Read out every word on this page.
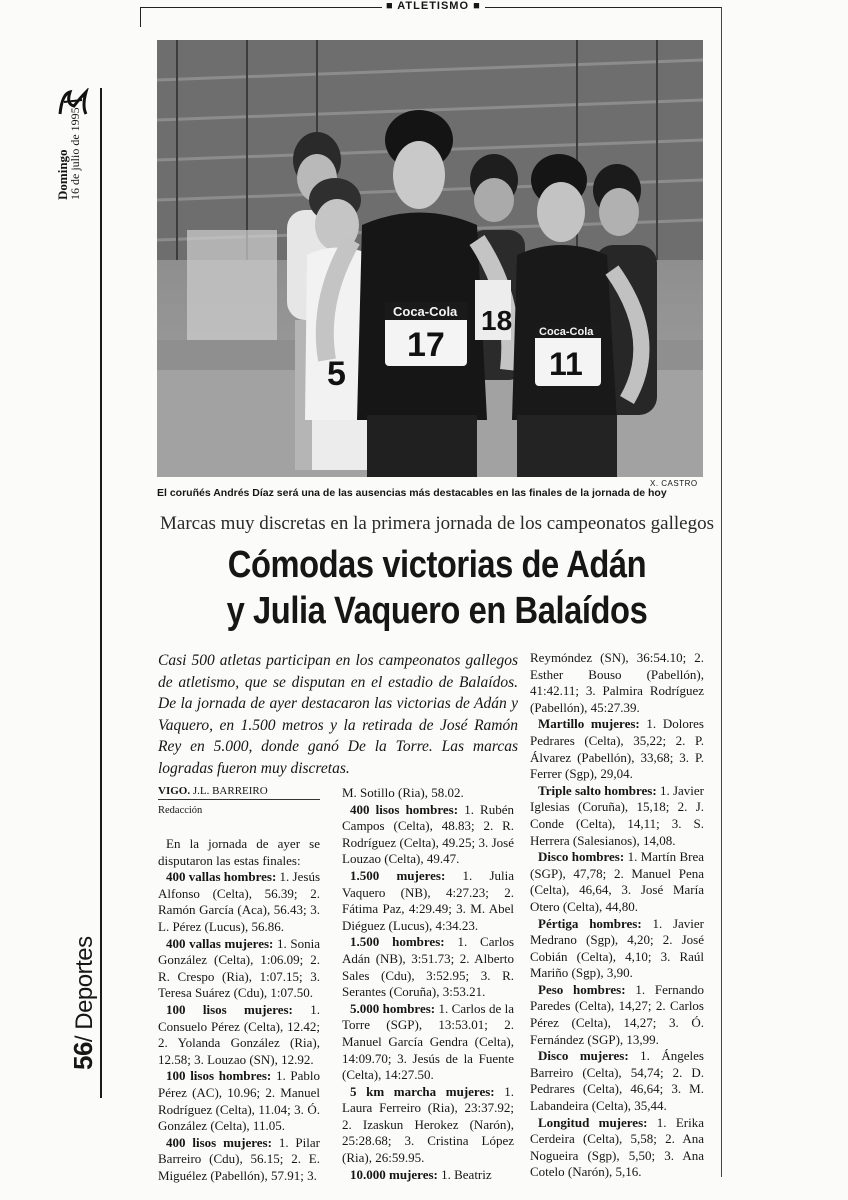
■ ATLETISMO ■
Domingo
16 de julio de 1995
56/ Deportes
5
Coca-Cola
17
18 Coca-Cola
11
X. CASTRO
El coruñés Andrés Díaz será una de las ausencias más destacables en las finales de la jornada de hoy
Marcas muy discretas en la primera jornada de los campeonatos gallegos
Cómodas victorias de Adán
y Julia Vaquero en Balaídos
Casi 500 atletas participan en los campeonatos gallegos de atletismo, que se disputan en el estadio de Balaídos. De la jornada de ayer destacaron las victorias de Adán y Vaquero, en 1.500 metros y la retirada de José Ramón Rey en 5.000, donde ganó De la Torre. Las marcas logradas fueron muy discretas.
VIGO. J.L. BARREIRO
Redacción

En la jornada de ayer se disputaron las estas finales:

400 vallas hombres: 1. Jesús Alfonso (Celta), 56.39; 2. Ramón García (Aca), 56.43; 3. L. Pérez (Lucus), 56.86.

400 vallas mujeres: 1. Sonia González (Celta), 1:06.09; 2. R. Crespo (Ria), 1:07.15; 3. Teresa Suárez (Cdu), 1:07.50.

100 lisos mujeres: 1. Consuelo Pérez (Celta), 12.42; 2. Yolanda González (Ria), 12.58; 3. Louzao (SN), 12.92.

100 lisos hombres: 1. Pablo Pérez (AC), 10.96; 2. Manuel Rodríguez (Celta), 11.04; 3. Ó. González (Celta), 11.05.

400 lisos mujeres: 1. Pilar Barreiro (Cdu), 56.15; 2. E. Miguélez (Pabellón), 57.91; 3.

M. Sotillo (Ria), 58.02.

400 lisos hombres: 1. Rubén Campos (Celta), 48.83; 2. R. Rodríguez (Celta), 49.25; 3. José Louzao (Celta), 49.47.

1.500 mujeres: 1. Julia Vaquero (NB), 4:27.23; 2. Fátima Paz, 4:29.49; 3. M. Abel Diéguez (Lucus), 4:34.23.

1.500 hombres: 1. Carlos Adán (NB), 3:51.73; 2. Alberto Sales (Cdu), 3:52.95; 3. R. Serantes (Coruña), 3:53.21.

5.000 hombres: 1. Carlos de la Torre (SGP), 13:53.01; 2. Manuel García Gendra (Celta), 14:09.70; 3. Jesús de la Fuente (Celta), 14:27.50.

5 km marcha mujeres: 1. Laura Ferreiro (Ria), 23:37.92; 2. Izaskun Herokez (Narón), 25:28.68; 3. Cristina López (Ria), 26:59.95.

10.000 mujeres: 1. Beatriz

Reymóndez (SN), 36:54.10; 2. Esther Bouso (Pabellón), 41:42.11; 3. Palmira Rodríguez (Pabellón), 45:27.39.

Martillo mujeres: 1. Dolores Pedrares (Celta), 35,22; 2. P. Álvarez (Pabellón), 33,68; 3. P. Ferrer (Sgp), 29,04.

Triple salto hombres: 1. Javier Iglesias (Coruña), 15,18; 2. J. Conde (Celta), 14,11; 3. S. Herrera (Salesianos), 14,08.

Disco hombres: 1. Martín Brea (SGP), 47,78; 2. Manuel Pena (Celta), 46,64, 3. José María Otero (Celta), 44,80.

Pértiga hombres: 1. Javier Medrano (Sgp), 4,20; 2. José Cobián (Celta), 4,10; 3. Raúl Mariño (Sgp), 3,90.

Peso hombres: 1. Fernando Paredes (Celta), 14,27; 2. Carlos Pérez (Celta), 14,27; 3. Ó. Fernández (SGP), 13,99.

Disco mujeres: 1. Ángeles Barreiro (Celta), 54,74; 2. D. Pedrares (Celta), 46,64; 3. M. Labandeira (Celta), 35,44.

Longitud mujeres: 1. Erika Cerdeira (Celta), 5,58; 2. Ana Nogueira (Sgp), 5,50; 3. Ana Cotelo (Narón), 5,16.
